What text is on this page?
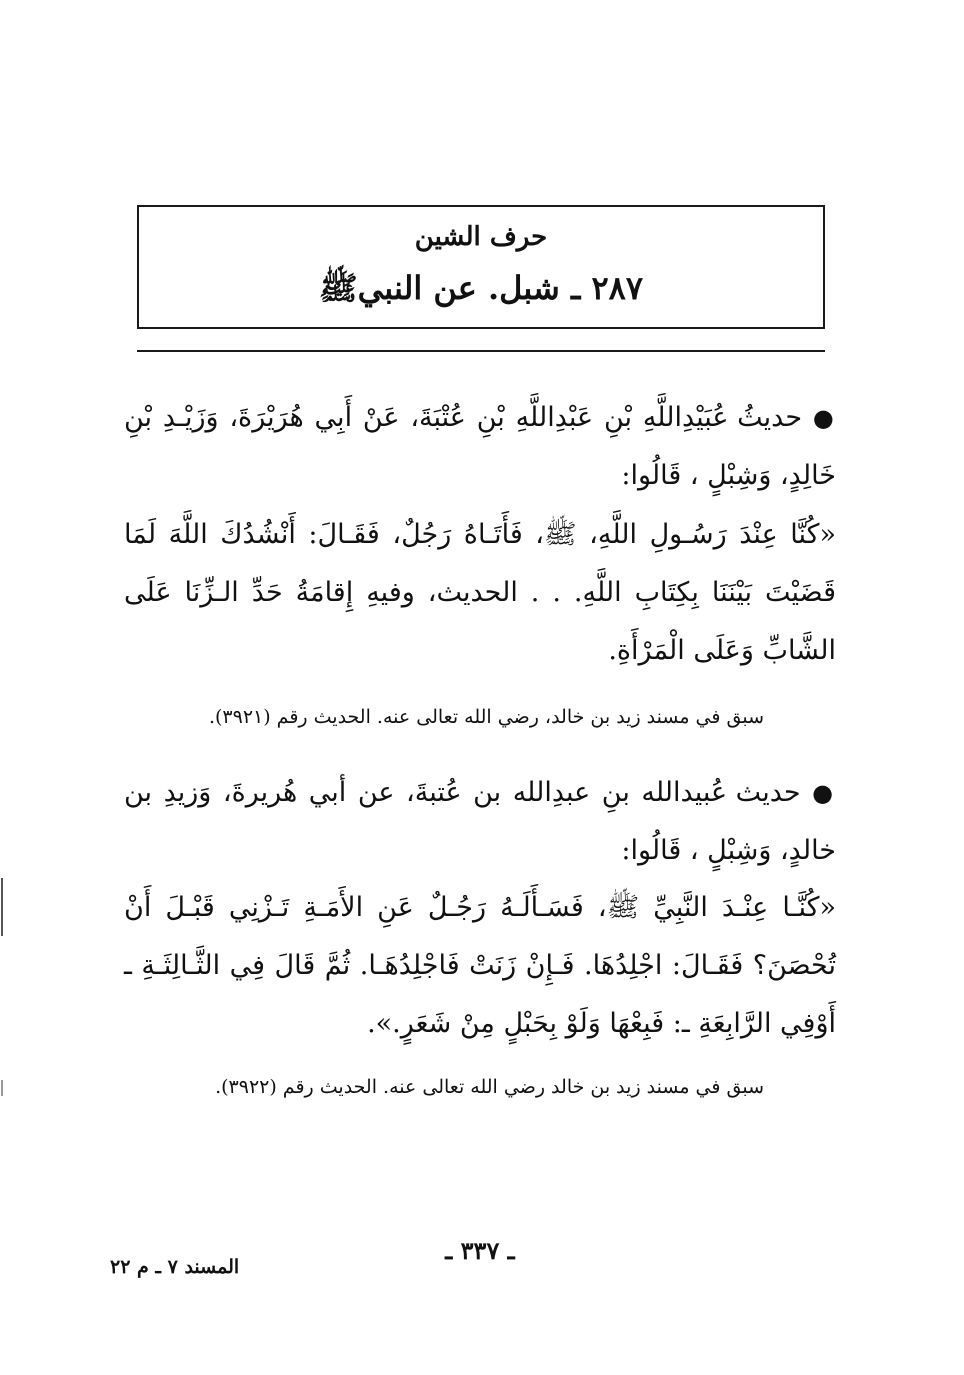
حرف الشين
٢٨٧ ـ شبل. عن النبيﷺ

● حديثُ عُبَيْدِاللَّهِ بْنِ عَبْدِاللَّهِ بْنِ عُتْبَةَ، عَنْ أَبِي هُرَيْرَةَ، وَزَيْـدِ بْنِ خَالِدٍ، وَشِبْلٍ ، قَالُوا:

«كُنَّا عِنْدَ رَسُـولِ اللَّهِ، ﷺ، فَأَتَـاهُ رَجُلٌ، فَقَـالَ: أَنْشُدُكَ اللَّهَ لَمَا قَضَيْتَ بَيْنَنَا بِكِتَابِ اللَّهِ. . . الحديث، وفيهِ إِقامَةُ حَدِّ الـزِّنَا عَلَى الشَّابِّ وَعَلَى الْمَرْأَةِ.

سبق في مسند زيد بن خالد، رضي الله تعالى عنه. الحديث رقم (٣٩٢١).

● حديث عُبيدالله بنِ عبدِالله بن عُتبةَ، عن أبي هُريرةَ، وَزيدِ بن خالدٍ، وَشِبْلٍ ، قَالُوا:

«كُنَّـا عِنْـدَ النَّبِيِّ ﷺ، فَسَـأَلَـهُ رَجُـلٌ عَنِ الأَمَـةِ تَـزْنِي قَبْـلَ أَنْ تُحْصَنَ؟ فَقَـالَ: اجْلِدُهَا. فَـإِنْ زَنَتْ فَاجْلِدُهَـا. ثُمَّ قَالَ فِي الثَّـالِثَـةِ ـ أَوْفِي الرَّابِعَةِ ـ: فَبِعْهَا وَلَوْ بِحَبْلٍ مِنْ شَعَرٍ.».

سبق في مسند زيد بن خالد رضي الله تعالى عنه. الحديث رقم (٣٩٢٢).

ـ ٣٣٧ ـ
المسند ٧ ـ م ٢٢
